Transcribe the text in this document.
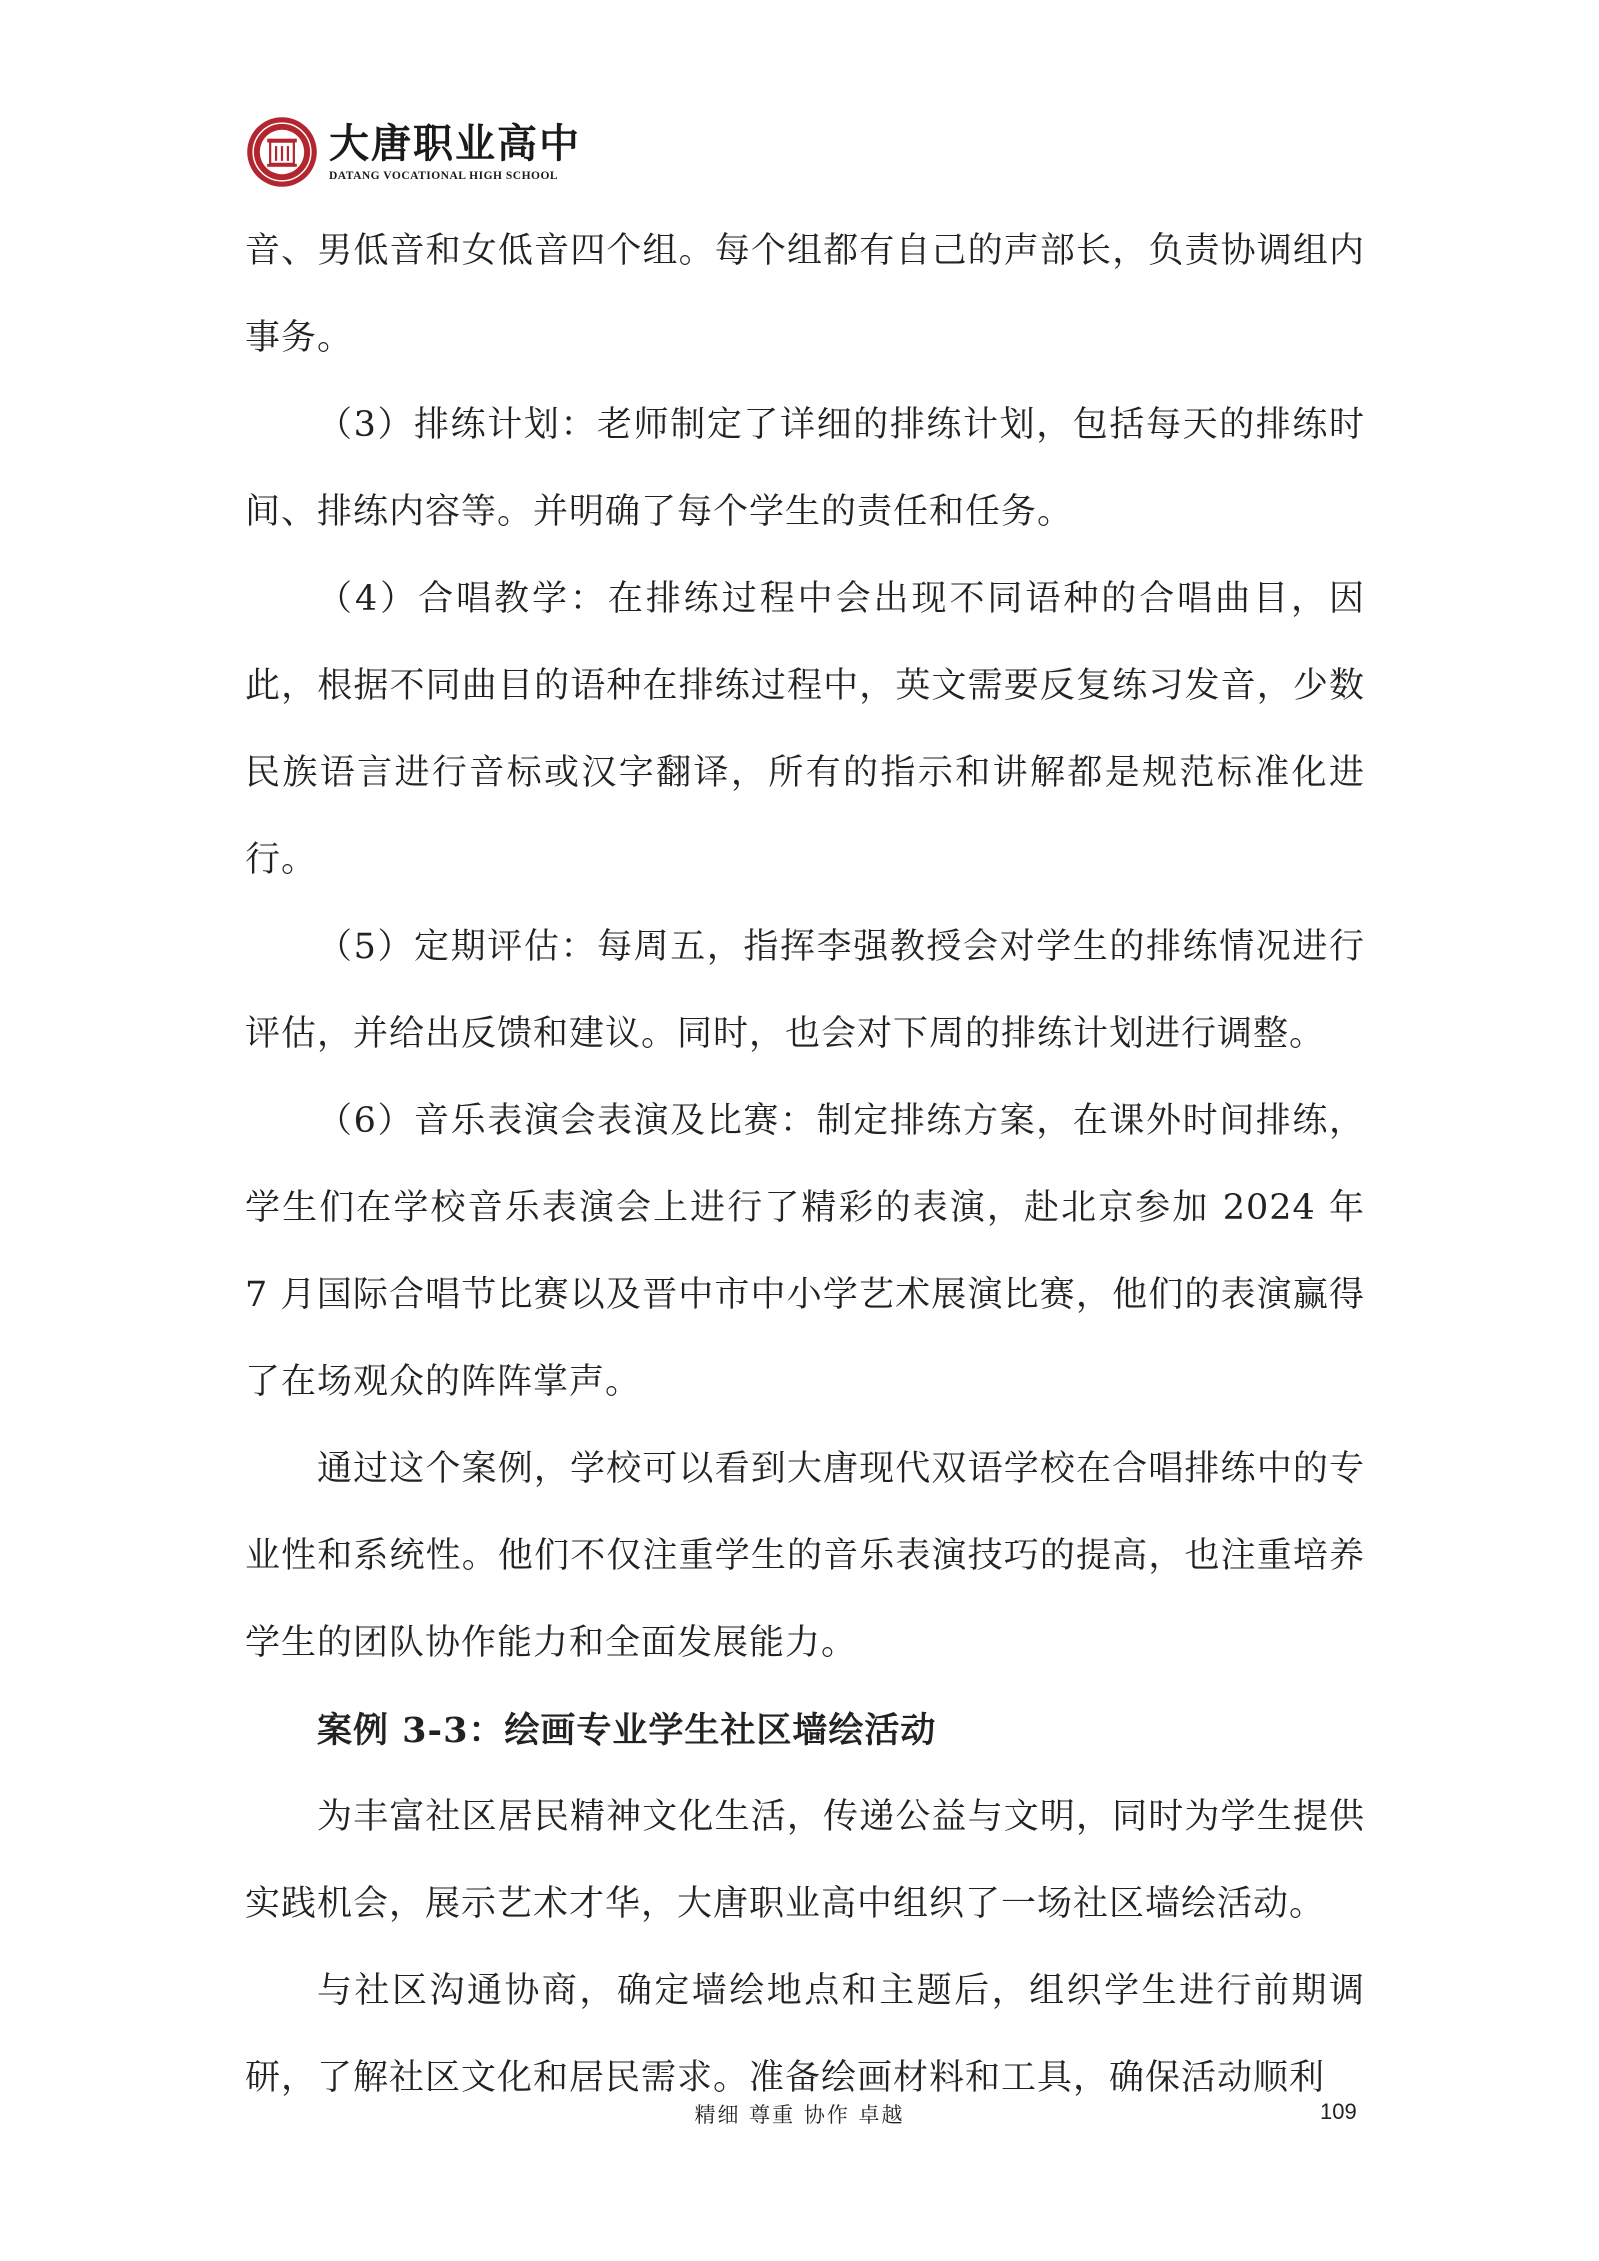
大唐职业高中
DATANG VOCATIONAL HIGH SCHOOL

音、男低音和女低音四个组。每个组都有自己的声部长，负责协调组内事务。

（3）排练计划：老师制定了详细的排练计划，包括每天的排练时间、排练内容等。并明确了每个学生的责任和任务。

（4）合唱教学：在排练过程中会出现不同语种的合唱曲目，因此，根据不同曲目的语种在排练过程中，英文需要反复练习发音，少数民族语言进行音标或汉字翻译，所有的指示和讲解都是规范标准化进行。

（5）定期评估：每周五，指挥李强教授会对学生的排练情况进行评估，并给出反馈和建议。同时，也会对下周的排练计划进行调整。

（6）音乐表演会表演及比赛：制定排练方案，在课外时间排练，学生们在学校音乐表演会上进行了精彩的表演，赴北京参加 2024 年 7 月国际合唱节比赛以及晋中市中小学艺术展演比赛，他们的表演赢得了在场观众的阵阵掌声。

通过这个案例，学校可以看到大唐现代双语学校在合唱排练中的专业性和系统性。他们不仅注重学生的音乐表演技巧的提高，也注重培养学生的团队协作能力和全面发展能力。

案例 3-3：绘画专业学生社区墙绘活动

为丰富社区居民精神文化生活，传递公益与文明，同时为学生提供实践机会，展示艺术才华，大唐职业高中组织了一场社区墙绘活动。

与社区沟通协商，确定墙绘地点和主题后，组织学生进行前期调研，了解社区文化和居民需求。准备绘画材料和工具，确保活动顺利

精细 尊重 协作 卓越	109
